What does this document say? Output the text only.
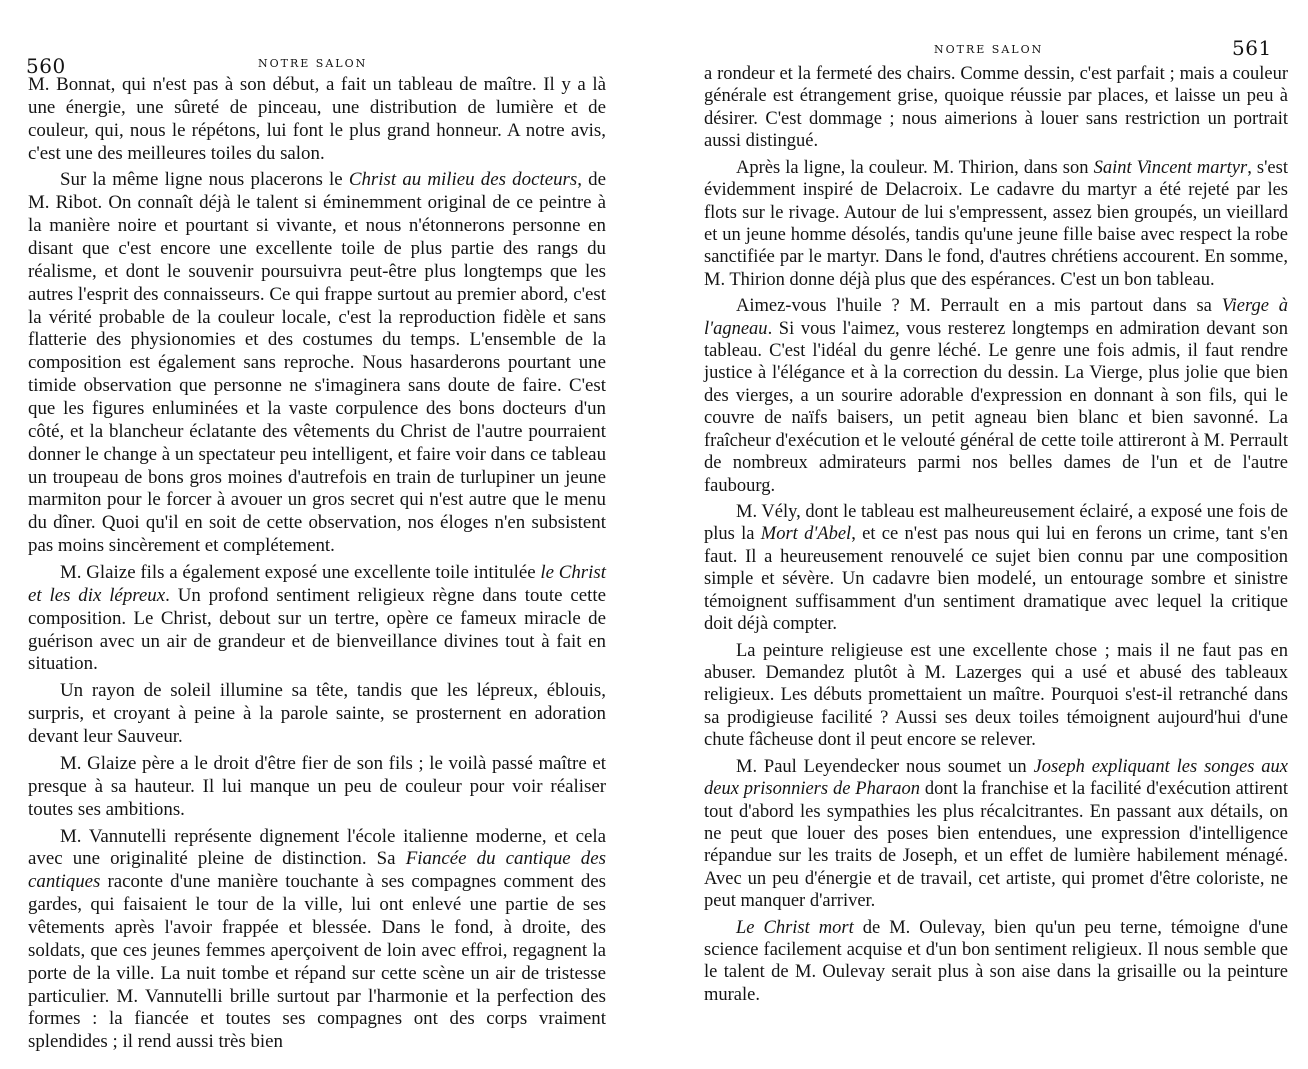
560	NOTRE SALON

M. Bonnat, qui n'est pas à son début, a fait un tableau de maître. Il y a là une énergie, une sûreté de pinceau, une distribution de lumière et de couleur, qui, nous le répétons, lui font le plus grand honneur. A notre avis, c'est une des meilleures toiles du salon.

Sur la même ligne nous placerons le Christ au milieu des docteurs, de M. Ribot. On connaît déjà le talent si éminemment original de ce peintre à la manière noire et pourtant si vivante, et nous n'étonnerons personne en disant que c'est encore une excellente toile de plus partie des rangs du réalisme, et dont le souvenir poursuivra peut-être plus longtemps que les autres l'esprit des connaisseurs. Ce qui frappe surtout au premier abord, c'est la vérité probable de la couleur locale, c'est la reproduction fidèle et sans flatterie des physionomies et des costumes du temps. L'ensemble de la composition est également sans reproche. Nous hasarderons pourtant une timide observation que personne ne s'imaginera sans doute de faire. C'est que les figures enluminées et la vaste corpulence des bons docteurs d'un côté, et la blancheur éclatante des vêtements du Christ de l'autre pourraient donner le change à un spectateur peu intelligent, et faire voir dans ce tableau un troupeau de bons gros moines d'autrefois en train de turlupiner un jeune marmiton pour le forcer à avouer un gros secret qui n'est autre que le menu du dîner. Quoi qu'il en soit de cette observation, nos éloges n'en subsistent pas moins sincèrement et complétement.

M. Glaize fils a également exposé une excellente toile intitulée le Christ et les dix lépreux. Un profond sentiment religieux règne dans toute cette composition. Le Christ, debout sur un tertre, opère ce fameux miracle de guérison avec un air de grandeur et de bienveillance divines tout à fait en situation.

Un rayon de soleil illumine sa tête, tandis que les lépreux, éblouis, surpris, et croyant à peine à la parole sainte, se prosternent en adoration devant leur Sauveur.

M. Glaize père a le droit d'être fier de son fils ; le voilà passé maître et presque à sa hauteur. Il lui manque un peu de couleur pour voir réaliser toutes ses ambitions.

M. Vannutelli représente dignement l'école italienne moderne, et cela avec une originalité pleine de distinction. Sa Fiancée du cantique des cantiques raconte d'une manière touchante à ses compagnes comment des gardes, qui faisaient le tour de la ville, lui ont enlevé une partie de ses vêtements après l'avoir frappée et blessée. Dans le fond, à droite, des soldats, que ces jeunes femmes aperçoivent de loin avec effroi, regagnent la porte de la ville. La nuit tombe et répand sur cette scène un air de tristesse particulier. M. Vannutelli brille surtout par l'harmonie et la perfection des formes : la fiancée et toutes ses compagnes ont des corps vraiment splendides ; il rend aussi très bien

NOTRE SALON	561

a rondeur et la fermeté des chairs. Comme dessin, c'est parfait ; mais a couleur générale est étrangement grise, quoique réussie par places, et laisse un peu à désirer. C'est dommage ; nous aimerions à louer sans restriction un portrait aussi distingué.

Après la ligne, la couleur. M. Thirion, dans son Saint Vincent martyr, s'est évidemment inspiré de Delacroix. Le cadavre du martyr a été rejeté par les flots sur le rivage. Autour de lui s'empressent, assez bien groupés, un vieillard et un jeune homme désolés, tandis qu'une jeune fille baise avec respect la robe sanctifiée par le martyr. Dans le fond, d'autres chrétiens accourent. En somme, M. Thirion donne déjà plus que des espérances. C'est un bon tableau.

Aimez-vous l'huile ? M. Perrault en a mis partout dans sa Vierge à l'agneau. Si vous l'aimez, vous resterez longtemps en admiration devant son tableau. C'est l'idéal du genre léché. Le genre une fois admis, il faut rendre justice à l'élégance et à la correction du dessin. La Vierge, plus jolie que bien des vierges, a un sourire adorable d'expression en donnant à son fils, qui le couvre de naïfs baisers, un petit agneau bien blanc et bien savonné. La fraîcheur d'exécution et le velouté général de cette toile attireront à M. Perrault de nombreux admirateurs parmi nos belles dames de l'un et de l'autre faubourg.

M. Vély, dont le tableau est malheureusement éclairé, a exposé une fois de plus la Mort d'Abel, et ce n'est pas nous qui lui en ferons un crime, tant s'en faut. Il a heureusement renouvelé ce sujet bien connu par une composition simple et sévère. Un cadavre bien modelé, un entourage sombre et sinistre témoignent suffisamment d'un sentiment dramatique avec lequel la critique doit déjà compter.

La peinture religieuse est une excellente chose ; mais il ne faut pas en abuser. Demandez plutôt à M. Lazerges qui a usé et abusé des tableaux religieux. Les débuts promettaient un maître. Pourquoi s'est-il retranché dans sa prodigieuse facilité ? Aussi ses deux toiles témoignent aujourd'hui d'une chute fâcheuse dont il peut encore se relever.

M. Paul Leyendecker nous soumet un Joseph expliquant les songes aux deux prisonniers de Pharaon dont la franchise et la facilité d'exécution attirent tout d'abord les sympathies les plus récalcitrantes. En passant aux détails, on ne peut que louer des poses bien entendues, une expression d'intelligence répandue sur les traits de Joseph, et un effet de lumière habilement ménagé. Avec un peu d'énergie et de travail, cet artiste, qui promet d'être coloriste, ne peut manquer d'arriver.

Le Christ mort de M. Oulevay, bien qu'un peu terne, témoigne d'une science facilement acquise et d'un bon sentiment religieux. Il nous semble que le talent de M. Oulevay serait plus à son aise dans la grisaille ou la peinture murale.
